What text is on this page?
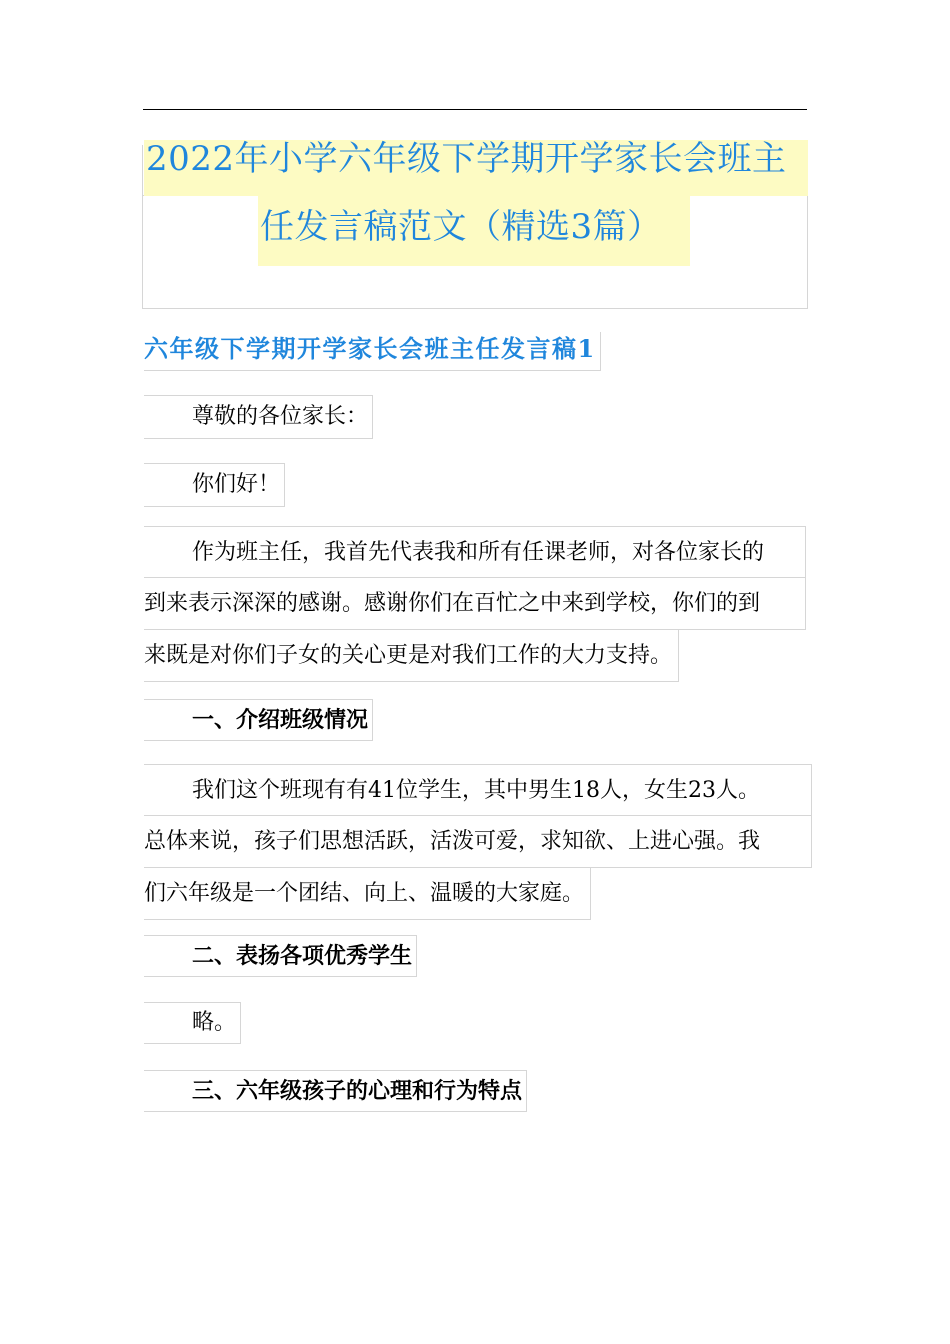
2022年小学六年级下学期开学家长会班主
任发言稿范文（精选3篇）
六年级下学期开学家长会班主任发言稿1
尊敬的各位家长：
你们好！
作为班主任，我首先代表我和所有任课老师，对各位家长的
到来表示深深的感谢。感谢你们在百忙之中来到学校，你们的到
来既是对你们子女的关心更是对我们工作的大力支持。
一、介绍班级情况
我们这个班现有有41位学生，其中男生18人，女生23人。
总体来说，孩子们思想活跃，活泼可爱，求知欲、上进心强。我
们六年级是一个团结、向上、温暖的大家庭。
二、表扬各项优秀学生
略。
三、六年级孩子的心理和行为特点
